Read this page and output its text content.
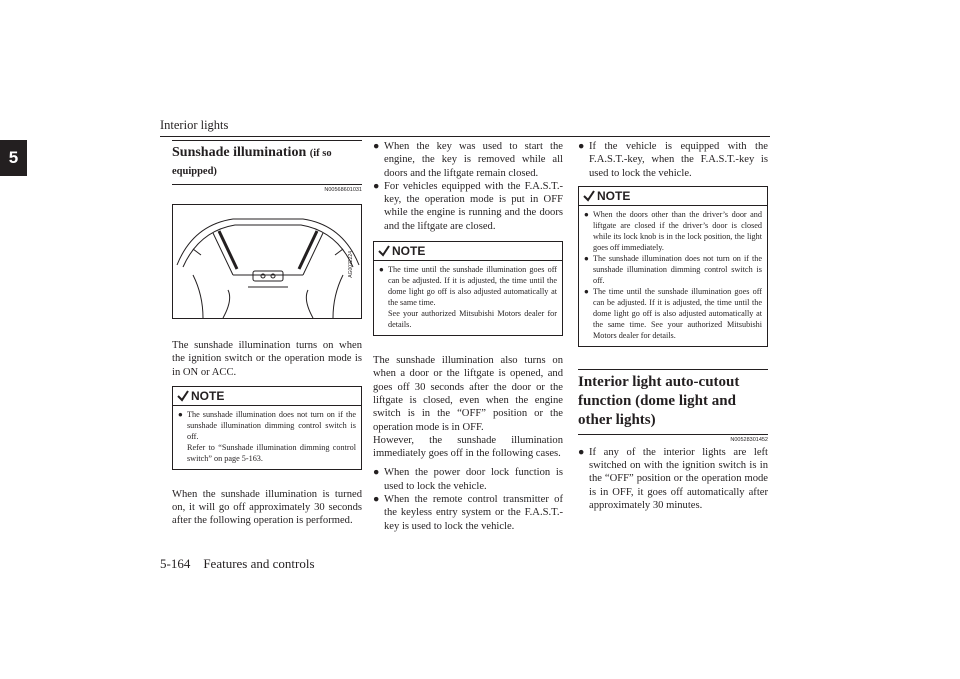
Interior lights
5	Sunshade illumination (if so equipped)
N00568601031
AG0022224

The sunshade illumination turns on when the ignition switch or the operation mode is in ON or ACC.

NOTE

● The sunshade illumination does not turn on if the sunshade illumination dimming control switch is off.

Refer to “Sunshade illumination dimming control switch” on page 5-163.

When the sunshade illumination is turned on, it will go off approximately 30 seconds after the following operation is performed.

● When the key was used to start the engine, the key is removed while all doors and the liftgate remain closed.

● For vehicles equipped with the F.A.S.T.-key, the operation mode is put in OFF while the engine is running and the doors and the liftgate are closed.

NOTE

● The time until the sunshade illumination goes off can be adjusted. If it is adjusted, the time until the dome light go off is also adjusted automatically at the same time.

See your authorized Mitsubishi Motors dealer for details.

The sunshade illumination also turns on when a door or the liftgate is opened, and goes off 30 seconds after the door or the liftgate is closed, even when the engine switch is in the “OFF” position or the operation mode is in OFF.

However, the sunshade illumination immediately goes off in the following cases.

● When the power door lock function is used to lock the vehicle.

● When the remote control transmitter of the keyless entry system or the F.A.S.T.-key is used to lock the vehicle.

● If the vehicle is equipped with the F.A.S.T.-key, when the F.A.S.T.-key is used to lock the vehicle.

NOTE

● When the doors other than the driver’s door and liftgate are closed if the driver’s door is closed while its lock knob is in the lock position, the light goes off immediately.

● The sunshade illumination does not turn on if the sunshade illumination dimming control switch is off.

● The time until the sunshade illumination goes off can be adjusted. If it is adjusted, the time until the dome light go off is also adjusted automatically at the same time. See your authorized Mitsubishi Motors dealer for details.

Interior light auto-cutout function (dome light and other lights)
N00528301452

● If any of the interior lights are left switched on with the ignition switch is in the “OFF” position or the operation mode is in OFF, it goes off automatically after approximately 30 minutes.

5-164    Features and controls
